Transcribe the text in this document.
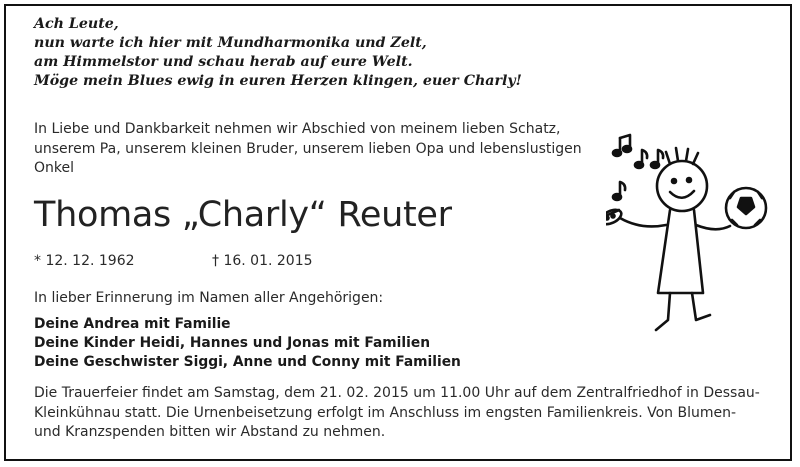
Ach Leute,
nun warte ich hier mit Mundharmonika und Zelt,
am Himmelstor und schau herab auf eure Welt.
Möge mein Blues ewig in euren Herzen klingen, euer Charly!
In Liebe und Dankbarkeit nehmen wir Abschied von meinem lieben Schatz,
unserem Pa, unserem kleinen Bruder, unserem lieben Opa und lebenslustigen
Onkel
Thomas „Charly“ Reuter
* 12. 12. 1962	† 16. 01. 2015
In lieber Erinnerung im Namen aller Angehörigen:
Deine Andrea mit Familie
Deine Kinder Heidi, Hannes und Jonas mit Familien
Deine Geschwister Siggi, Anne und Conny mit Familien
Die Trauerfeier findet am Samstag, dem 21. 02. 2015 um 11.00 Uhr auf dem Zentralfriedhof in Dessau-
Kleinkühnau statt. Die Urnenbeisetzung erfolgt im Anschluss im engsten Familienkreis. Von Blumen-
und Kranzspenden bitten wir Abstand zu nehmen.
